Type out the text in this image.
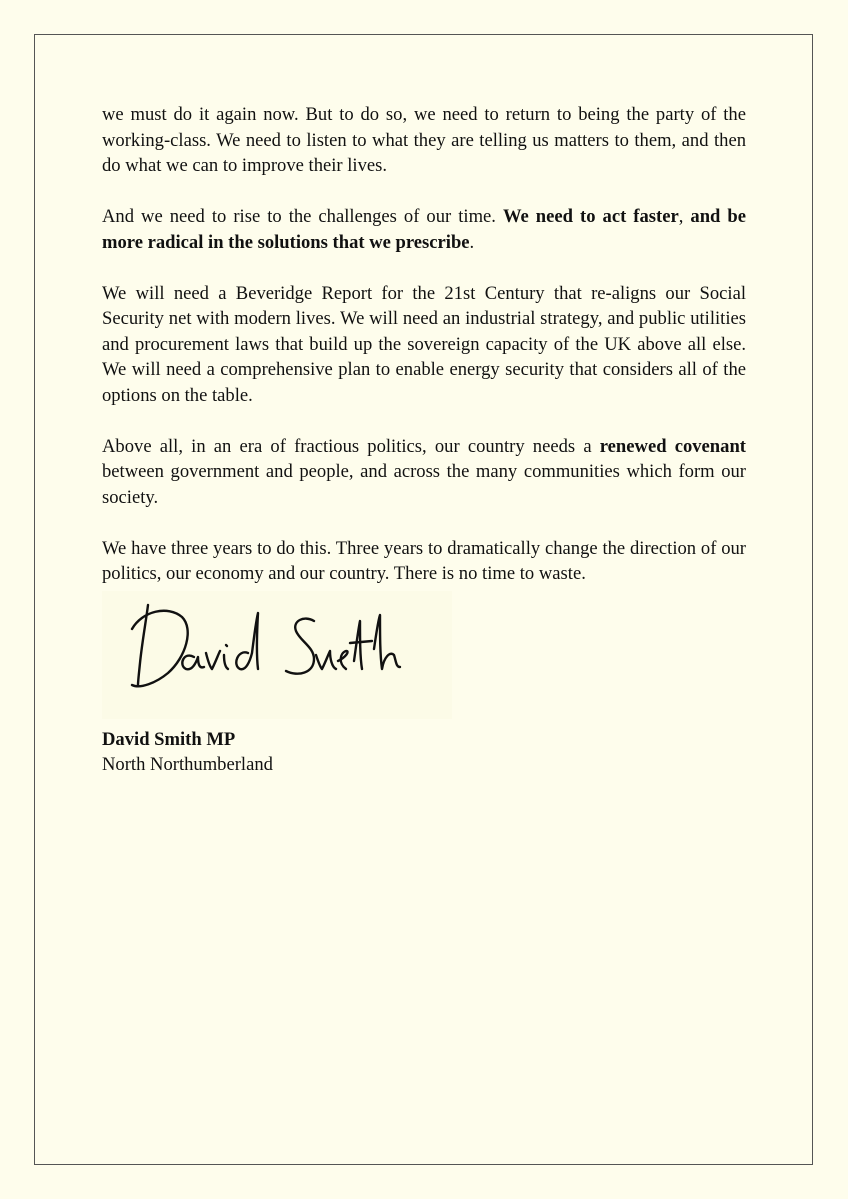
we must do it again now. But to do so, we need to return to being the party of the working-class. We need to listen to what they are telling us matters to them, and then do what we can to improve their lives.

And we need to rise to the challenges of our time. We need to act faster, and be more radical in the solutions that we prescribe.

We will need a Beveridge Report for the 21st Century that re-aligns our Social Security net with modern lives. We will need an industrial strategy, and public utilities and procurement laws that build up the sovereign capacity of the UK above all else. We will need a comprehensive plan to enable energy security that considers all of the options on the table.

Above all, in an era of fractious politics, our country needs a renewed covenant between government and people, and across the many communities which form our society.

We have three years to do this. Three years to dramatically change the direction of our politics, our economy and our country. There is no time to waste.

David Smith MP
North Northumberland
